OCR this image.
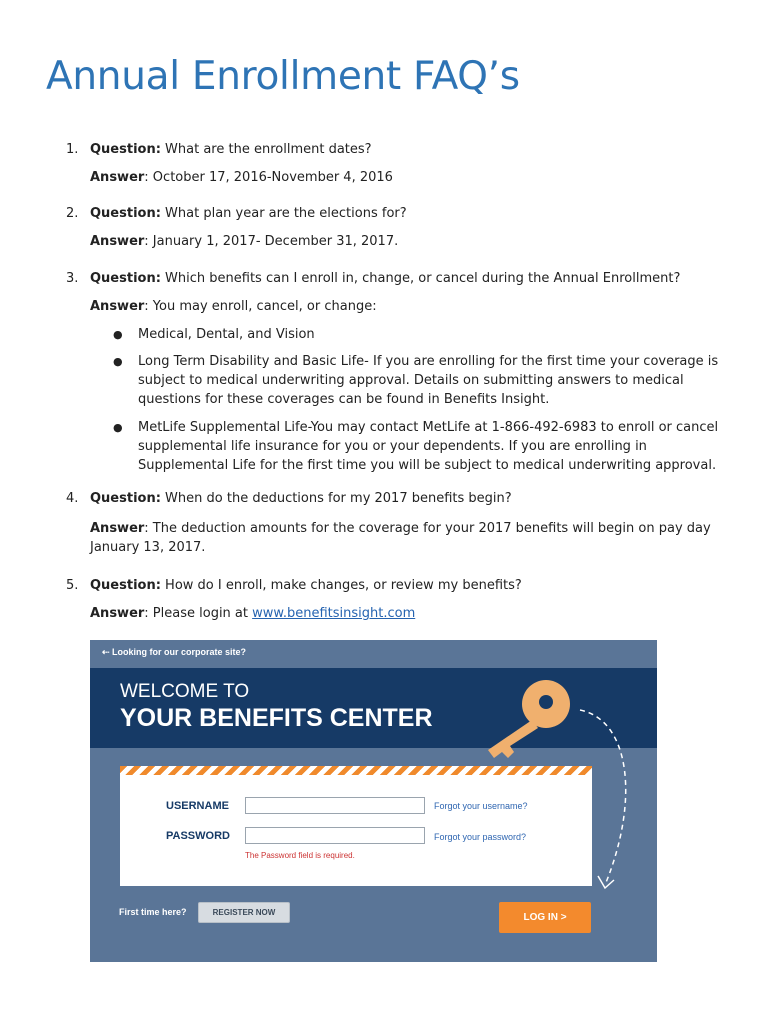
Annual Enrollment FAQ’s
1. Question: What are the enrollment dates?
Answer: October 17, 2016-November 4, 2016
2. Question: What plan year are the elections for?
Answer: January 1, 2017- December 31, 2017.
3. Question: Which benefits can I enroll in, change, or cancel during the Annual Enrollment?
Answer: You may enroll, cancel, or change:
● Medical, Dental, and Vision
● Long Term Disability and Basic Life- If you are enrolling for the first time your coverage is subject to medical underwriting approval. Details on submitting answers to medical questions for these coverages can be found in Benefits Insight.
● MetLife Supplemental Life-You may contact MetLife at 1-866-492-6983 to enroll or cancel supplemental life insurance for you or your dependents. If you are enrolling in Supplemental Life for the first time you will be subject to medical underwriting approval.
4. Question: When do the deductions for my 2017 benefits begin?
Answer: The deduction amounts for the coverage for your 2017 benefits will begin on pay day January 13, 2017.
5. Question: How do I enroll, make changes, or review my benefits?
Answer: Please login at www.benefitsinsight.com
⇠ Looking for our corporate site?
WELCOME TO
YOUR BENEFITS CENTER
USERNAME	Forgot your username?
PASSWORD	Forgot your password?
The Password field is required.
First time here?	REGISTER NOW	LOG IN >
